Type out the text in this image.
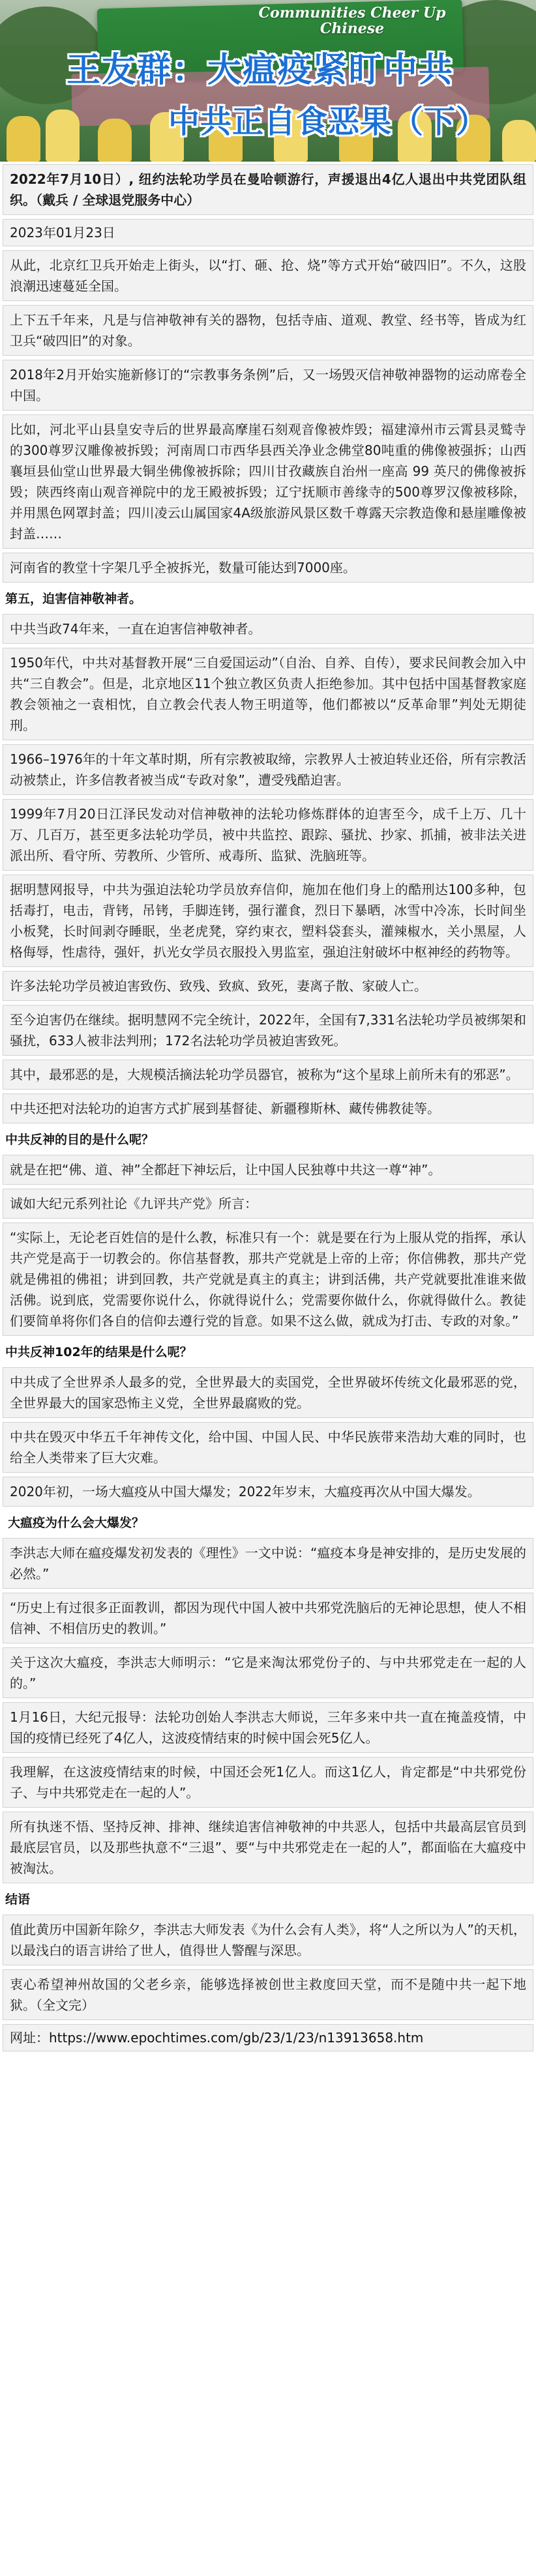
Communities Cheer Up Chinese
王友群：大瘟疫紧盯中共
中共正自食恶果（下）
2022年7月10日）, 纽约法轮功学员在曼哈顿游行，声援退出4亿人退出中共党团队组织。（戴兵 / 全球退党服务中心）
2023年01月23日
从此，北京红卫兵开始走上街头，以“打、砸、抢、烧”等方式开始“破四旧”。不久，这股浪潮迅速蔓延全国。
上下五千年来，凡是与信神敬神有关的器物，包括寺庙、道观、教堂、经书等，皆成为红卫兵“破四旧”的对象。
2018年2月开始实施新修订的“宗教事务条例”后，又一场毁灭信神敬神器物的运动席卷全中国。
比如，河北平山县皇安寺后的世界最高摩崖石刻观音像被炸毁；福建漳州市云霄县灵鹫寺的300尊罗汉雕像被拆毁；河南周口市西华县西关净业念佛堂80吨重的佛像被强拆；山西襄垣县仙堂山世界最大铜坐佛像被拆除；四川甘孜藏族自治州一座高 99 英尺的佛像被拆毁；陕西终南山观音禅院中的龙王殿被拆毁；辽宁抚顺市善缘寺的500尊罗汉像被移除，并用黑色网罩封盖；四川凌云山属国家4A级旅游风景区数千尊露天宗教造像和悬崖雕像被封盖……
河南省的教堂十字架几乎全被拆光，数量可能达到7000座。
第五，迫害信神敬神者。
中共当政74年来，一直在迫害信神敬神者。
1950年代，中共对基督教开展“三自爱国运动”（自治、自养、自传），要求民间教会加入中共“三自教会”。但是，北京地区11个独立教区负责人拒绝参加。其中包括中国基督教家庭教会领袖之一袁相忱，自立教会代表人物王明道等，他们都被以“反革命罪”判处无期徒刑。
1966–1976年的十年文革时期，所有宗教被取缔，宗教界人士被迫转业还俗，所有宗教活动被禁止，许多信教者被当成“专政对象”，遭受残酷迫害。
1999年7月20日江泽民发动对信神敬神的法轮功修炼群体的迫害至今，成千上万、几十万、几百万，甚至更多法轮功学员，被中共监控、跟踪、骚扰、抄家、抓捕，被非法关进派出所、看守所、劳教所、少管所、戒毒所、监狱、洗脑班等。
据明慧网报导，中共为强迫法轮功学员放弃信仰，施加在他们身上的酷刑达100多种，包括毒打，电击，背铐，吊铐，手脚连铐，强行灌食，烈日下暴晒，冰雪中冷冻，长时间坐小板凳，长时间剥夺睡眠，坐老虎凳，穿约束衣，塑料袋套头，灌辣椒水，关小黑屋，人格侮辱，性虐待，强奸，扒光女学员衣服投入男监室，强迫注射破坏中枢神经的药物等。
许多法轮功学员被迫害致伤、致残、致疯、致死，妻离子散、家破人亡。
至今迫害仍在继续。据明慧网不完全统计，2022年，全国有7,331名法轮功学员被绑架和骚扰，633人被非法判刑；172名法轮功学员被迫害致死。
其中，最邪恶的是，大规模活摘法轮功学员器官，被称为“这个星球上前所未有的邪恶”。
中共还把对法轮功的迫害方式扩展到基督徒、新疆穆斯林、藏传佛教徒等。
中共反神的目的是什么呢？
就是在把“佛、道、神”全都赶下神坛后，让中国人民独尊中共这一尊“神”。
诚如大纪元系列社论《九评共产党》所言：
“实际上，无论老百姓信的是什么教，标准只有一个：就是要在行为上服从党的指挥，承认共产党是高于一切教会的。你信基督教，那共产党就是上帝的上帝；你信佛教，那共产党就是佛祖的佛祖；讲到回教，共产党就是真主的真主；讲到活佛，共产党就要批准谁来做活佛。说到底，党需要你说什么，你就得说什么；党需要你做什么，你就得做什么。教徒们要简单将你们各自的信仰去遵行党的旨意。如果不这么做，就成为打击、专政的对象。”
中共反神102年的结果是什么呢？
中共成了全世界杀人最多的党，全世界最大的卖国党，全世界破坏传统文化最邪恶的党，全世界最大的国家恐怖主义党，全世界最腐败的党。
中共在毁灭中华五千年神传文化，给中国、中国人民、中华民族带来浩劫大难的同时，也给全人类带来了巨大灾难。
2020年初，一场大瘟疫从中国大爆发；2022年岁末，大瘟疫再次从中国大爆发。
大瘟疫为什么会大爆发？
李洪志大师在瘟疫爆发初发表的《理性》一文中说：“瘟疫本身是神安排的，是历史发展的必然。”
“历史上有过很多正面教训，都因为现代中国人被中共邪党洗脑后的无神论思想，使人不相信神、不相信历史的教训。”
关于这次大瘟疫，李洪志大师明示：“它是来淘汰邪党份子的、与中共邪党走在一起的人的。”
1月16日，大纪元报导：法轮功创始人李洪志大师说，三年多来中共一直在掩盖疫情，中国的疫情已经死了4亿人，这波疫情结束的时候中国会死5亿人。
我理解，在这波疫情结束的时候，中国还会死1亿人。而这1亿人，肯定都是“中共邪党份子、与中共邪党走在一起的人”。
所有执迷不悟、坚持反神、排神、继续追害信神敬神的中共恶人，包括中共最高层官员到最底层官员，以及那些执意不“三退”、要“与中共邪党走在一起的人”，都面临在大瘟疫中被淘汰。
结语
值此黄历中国新年除夕，李洪志大师发表《为什么会有人类》，将“人之所以为人”的天机，以最浅白的语言讲给了世人，值得世人警醒与深思。
衷心希望神州故国的父老乡亲，能够选择被创世主救度回天堂，而不是随中共一起下地狱。（全文完）
网址：https://www.epochtimes.com/gb/23/1/23/n13913658.htm
